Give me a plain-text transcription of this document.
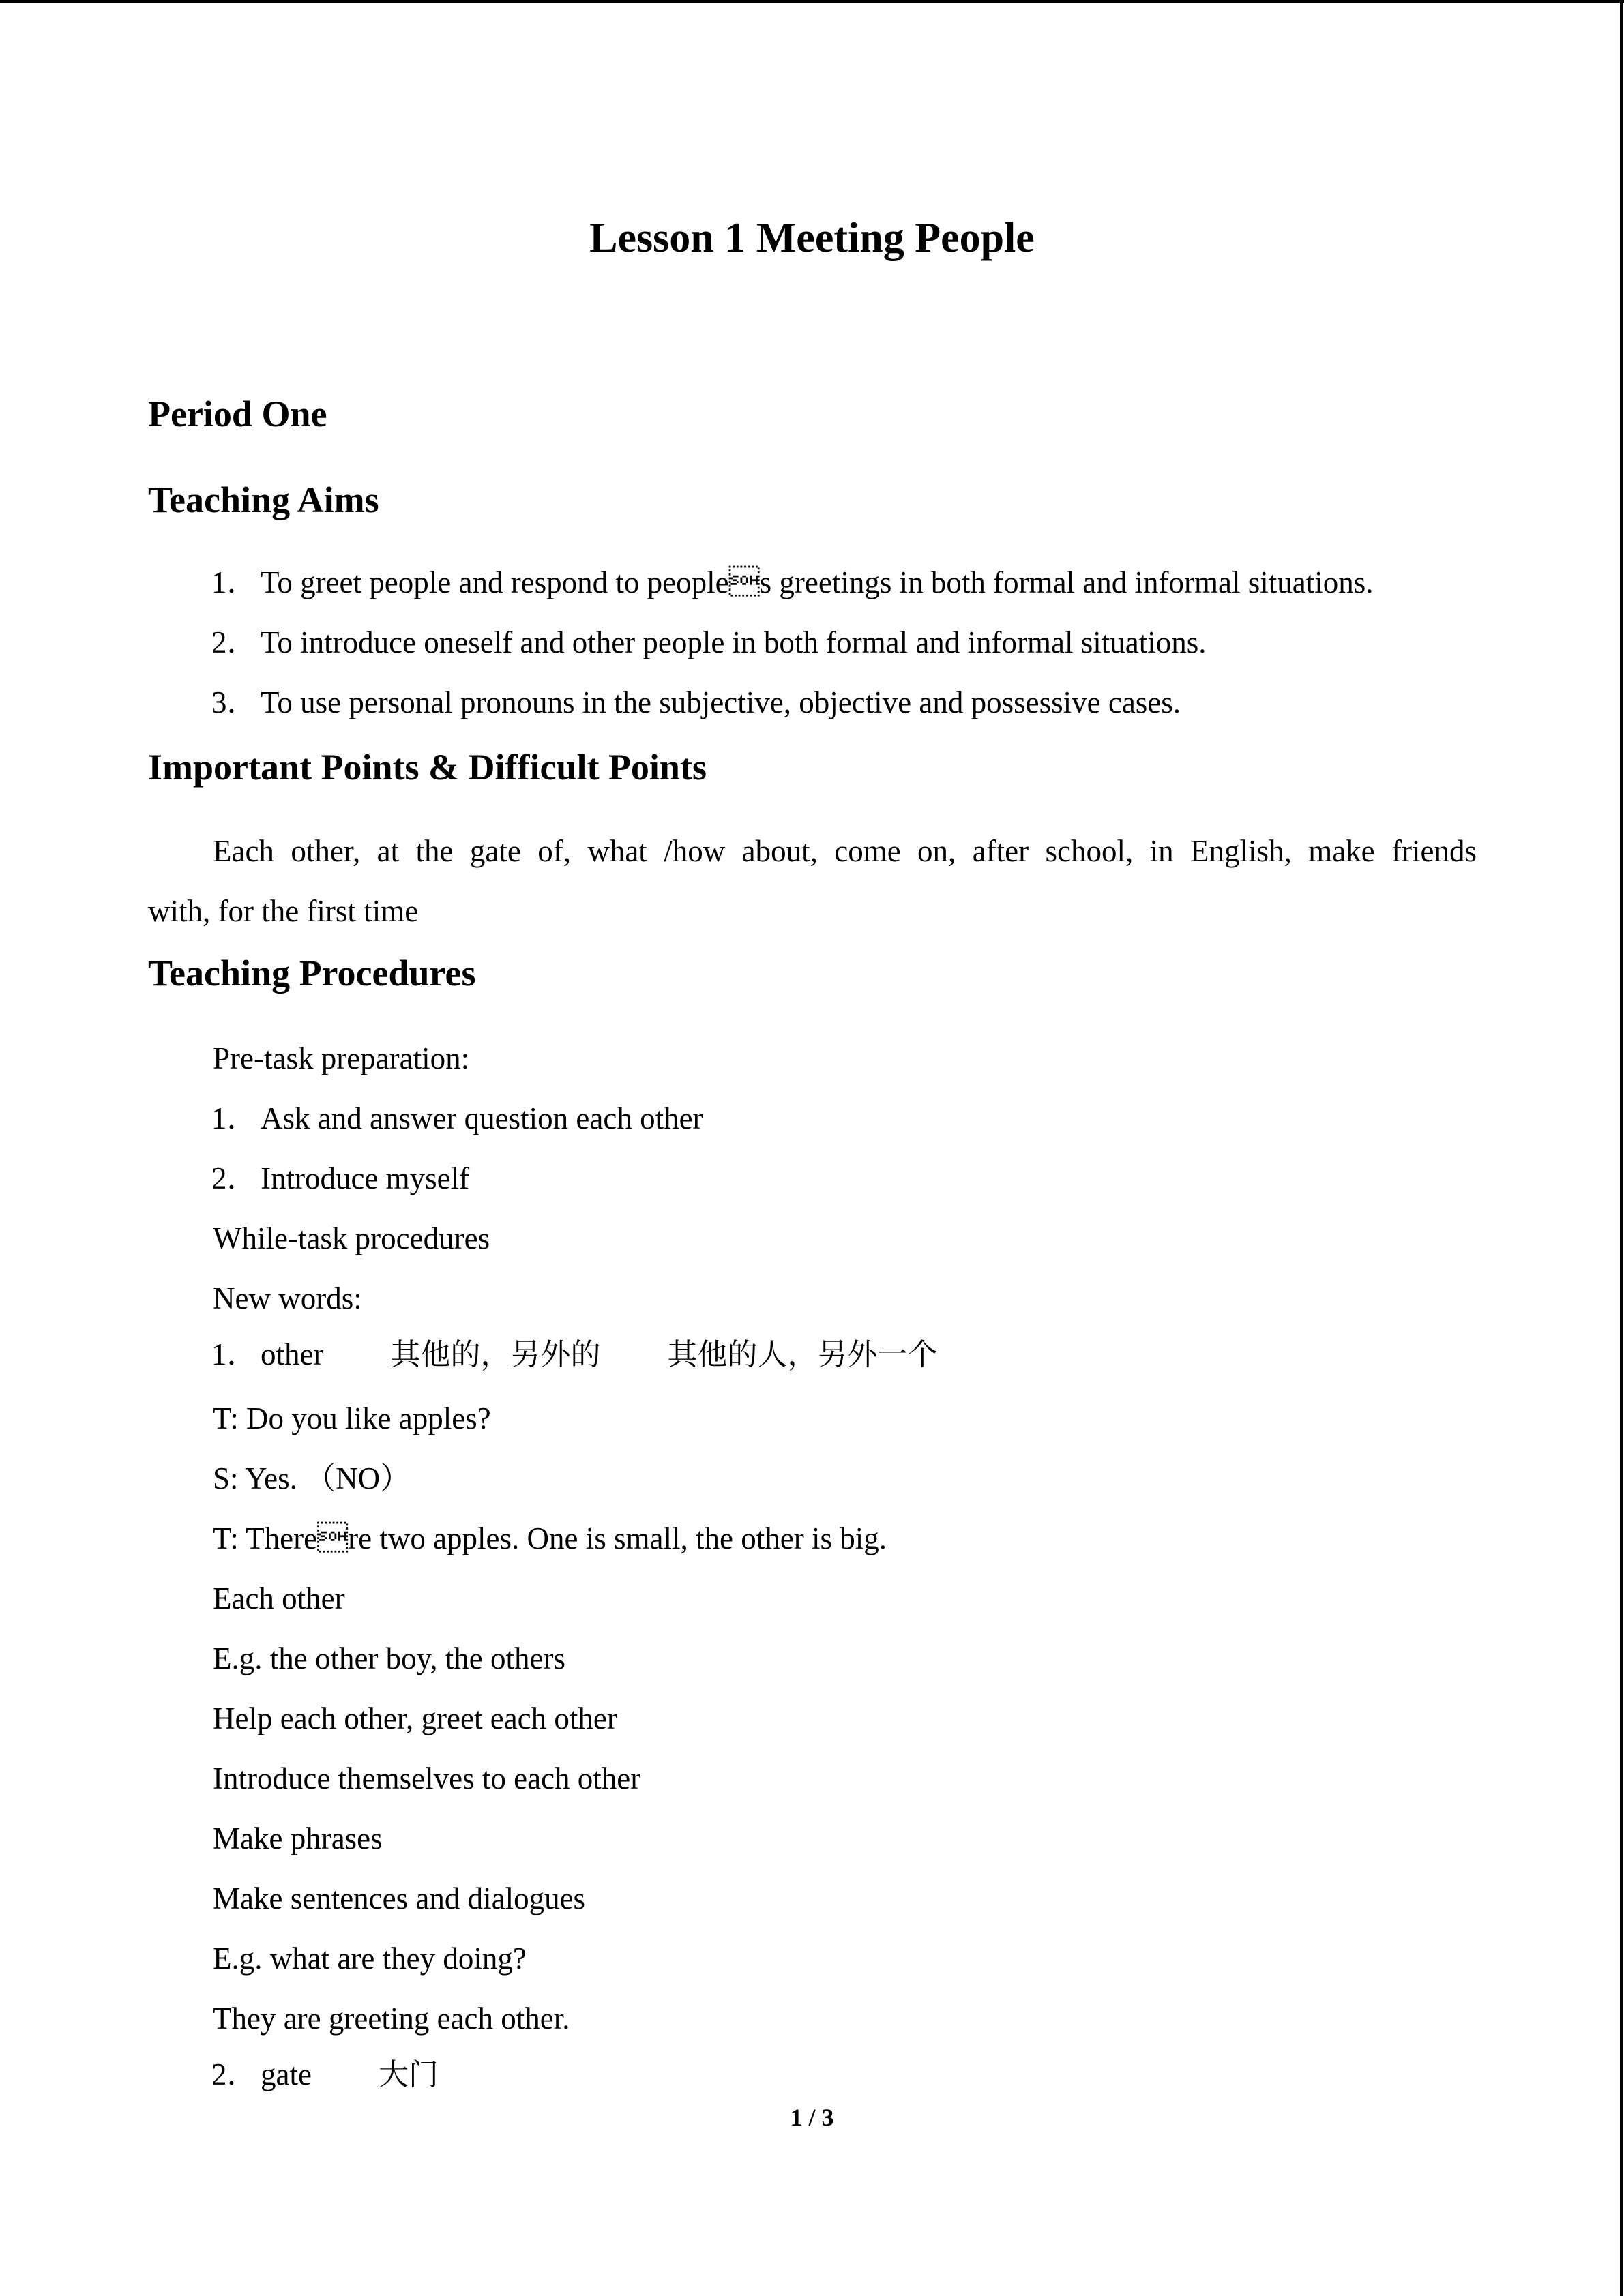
Lesson 1 Meeting People
Period One
Teaching Aims
1．To greet people and respond to peoples greetings in both formal and informal situations.
2．To introduce oneself and other people in both formal and informal situations.
3．To use personal pronouns in the subjective, objective and possessive cases.
Important Points & Difficult Points
Each other, at the gate of, what /how about, come on, after school, in English, make friends
with, for the first time
Teaching Procedures
Pre-task preparation:
1．Ask and answer question each other
2．Introduce myself
While-task procedures
New words:
1．other 其他的，另外的 其他的人，另外一个
T: Do you like apples?
S: Yes. （NO）
T: Therere two apples. One is small, the other is big.
Each other
E.g. the other boy, the others
Help each other, greet each other
Introduce themselves to each other
Make phrases
Make sentences and dialogues
E.g. what are they doing?
They are greeting each other.
2．gate 大门
1 / 3
